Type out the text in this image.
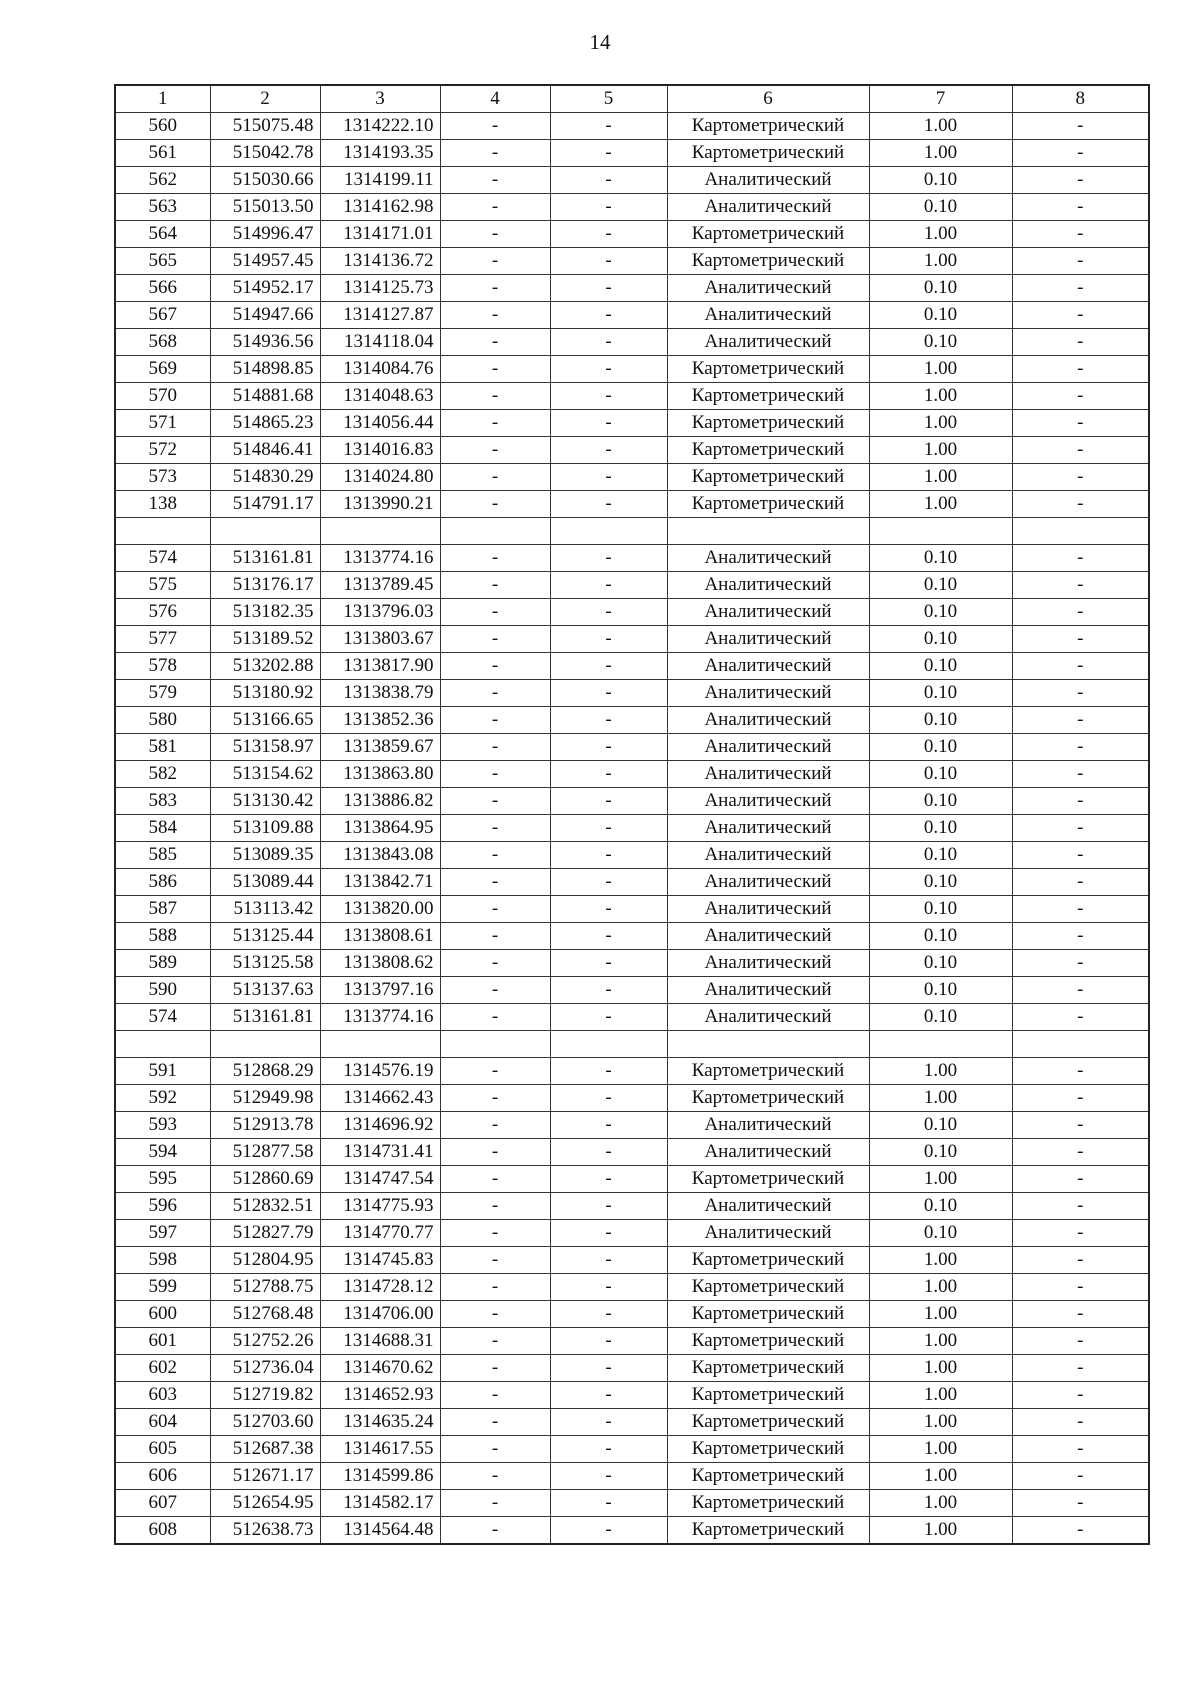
14
1	2	3	4	5	6	7	8
560	515075.48	1314222.10	-	-	Картометрический	1.00	-
561	515042.78	1314193.35	-	-	Картометрический	1.00	-
562	515030.66	1314199.11	-	-	Аналитический	0.10	-
563	515013.50	1314162.98	-	-	Аналитический	0.10	-
564	514996.47	1314171.01	-	-	Картометрический	1.00	-
565	514957.45	1314136.72	-	-	Картометрический	1.00	-
566	514952.17	1314125.73	-	-	Аналитический	0.10	-
567	514947.66	1314127.87	-	-	Аналитический	0.10	-
568	514936.56	1314118.04	-	-	Аналитический	0.10	-
569	514898.85	1314084.76	-	-	Картометрический	1.00	-
570	514881.68	1314048.63	-	-	Картометрический	1.00	-
571	514865.23	1314056.44	-	-	Картометрический	1.00	-
572	514846.41	1314016.83	-	-	Картометрический	1.00	-
573	514830.29	1314024.80	-	-	Картометрический	1.00	-
138	514791.17	1313990.21	-	-	Картометрический	1.00	-

574	513161.81	1313774.16	-	-	Аналитический	0.10	-
575	513176.17	1313789.45	-	-	Аналитический	0.10	-
576	513182.35	1313796.03	-	-	Аналитический	0.10	-
577	513189.52	1313803.67	-	-	Аналитический	0.10	-
578	513202.88	1313817.90	-	-	Аналитический	0.10	-
579	513180.92	1313838.79	-	-	Аналитический	0.10	-
580	513166.65	1313852.36	-	-	Аналитический	0.10	-
581	513158.97	1313859.67	-	-	Аналитический	0.10	-
582	513154.62	1313863.80	-	-	Аналитический	0.10	-
583	513130.42	1313886.82	-	-	Аналитический	0.10	-
584	513109.88	1313864.95	-	-	Аналитический	0.10	-
585	513089.35	1313843.08	-	-	Аналитический	0.10	-
586	513089.44	1313842.71	-	-	Аналитический	0.10	-
587	513113.42	1313820.00	-	-	Аналитический	0.10	-
588	513125.44	1313808.61	-	-	Аналитический	0.10	-
589	513125.58	1313808.62	-	-	Аналитический	0.10	-
590	513137.63	1313797.16	-	-	Аналитический	0.10	-
574	513161.81	1313774.16	-	-	Аналитический	0.10	-

591	512868.29	1314576.19	-	-	Картометрический	1.00	-
592	512949.98	1314662.43	-	-	Картометрический	1.00	-
593	512913.78	1314696.92	-	-	Аналитический	0.10	-
594	512877.58	1314731.41	-	-	Аналитический	0.10	-
595	512860.69	1314747.54	-	-	Картометрический	1.00	-
596	512832.51	1314775.93	-	-	Аналитический	0.10	-
597	512827.79	1314770.77	-	-	Аналитический	0.10	-
598	512804.95	1314745.83	-	-	Картометрический	1.00	-
599	512788.75	1314728.12	-	-	Картометрический	1.00	-
600	512768.48	1314706.00	-	-	Картометрический	1.00	-
601	512752.26	1314688.31	-	-	Картометрический	1.00	-
602	512736.04	1314670.62	-	-	Картометрический	1.00	-
603	512719.82	1314652.93	-	-	Картометрический	1.00	-
604	512703.60	1314635.24	-	-	Картометрический	1.00	-
605	512687.38	1314617.55	-	-	Картометрический	1.00	-
606	512671.17	1314599.86	-	-	Картометрический	1.00	-
607	512654.95	1314582.17	-	-	Картометрический	1.00	-
608	512638.73	1314564.48	-	-	Картометрический	1.00	-
